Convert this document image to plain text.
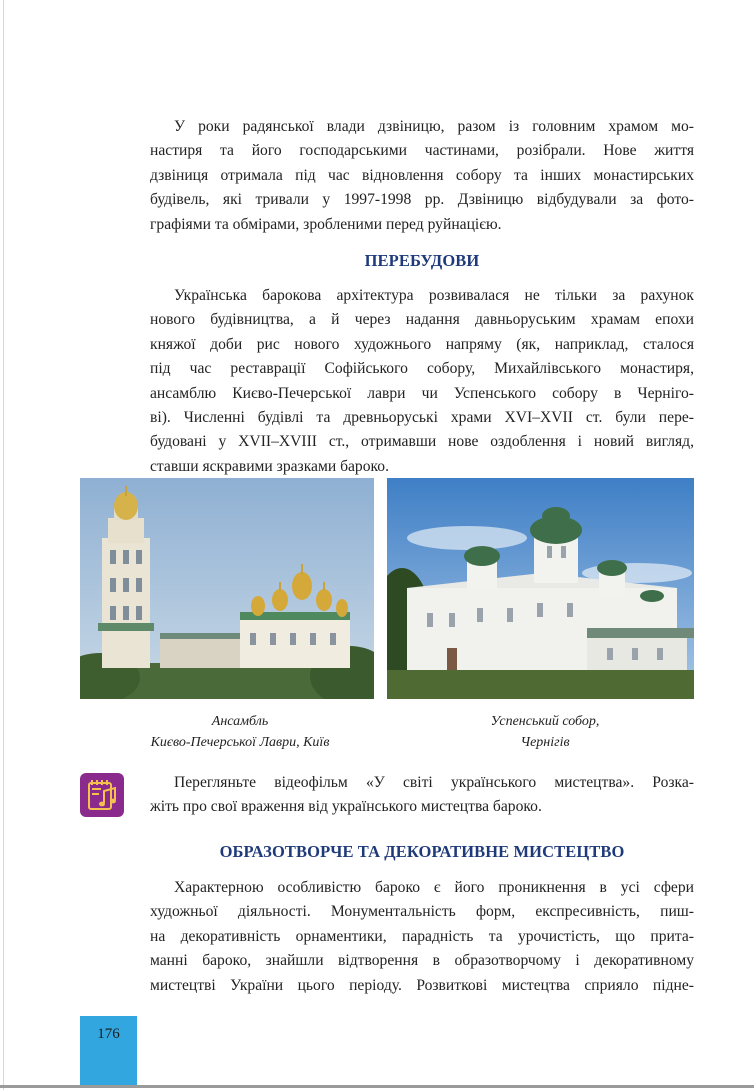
У роки радянської влади дзвіницю, разом із головним храмом мо-
настиря та його господарськими частинами, розібрали. Нове життя
дзвіниця отримала під час відновлення собору та інших монастирських
будівель, які тривали у 1997-1998 рр. Дзвіницю відбудували за фото-
графіями та обмірами, зробленими перед руйнацією.
ПЕРЕБУДОВИ
Українська барокова архітектура розвивалася не тільки за рахунок
нового будівництва, а й через надання давньоруським храмам епохи
княжої доби рис нового художнього напряму (як, наприклад, сталося
під час реставрації Софійського собору, Михайлівського монастиря,
ансамблю Києво-Печерської лаври чи Успенського собору в Черніго-
ві). Численні будівлі та древньоруські храми XVI–XVII ст. були пере-
будовані у XVII–XVIII ст., отримавши нове оздоблення і новий вигляд,
ставши яскравими зразками бароко.
Ансамбль
Києво-Печерської Лаври, Київ
Успенський собор,
Чернігів
Перегляньте відеофільм «У світі українського мистецтва». Розка-
жіть про свої враження від українського мистецтва бароко.
ОБРАЗОТВОРЧЕ ТА ДЕКОРАТИВНЕ МИСТЕЦТВО
Характерною особливістю бароко є його проникнення в усі сфери
художньої діяльності. Монументальність форм, експресивність, пиш-
на декоративність орнаментики, парадність та урочистість, що прита-
манні бароко, знайшли відтворення в образотворчому і декоративному
мистецтві України цього періоду. Розвиткові мистецтва сприяло підне-
176
